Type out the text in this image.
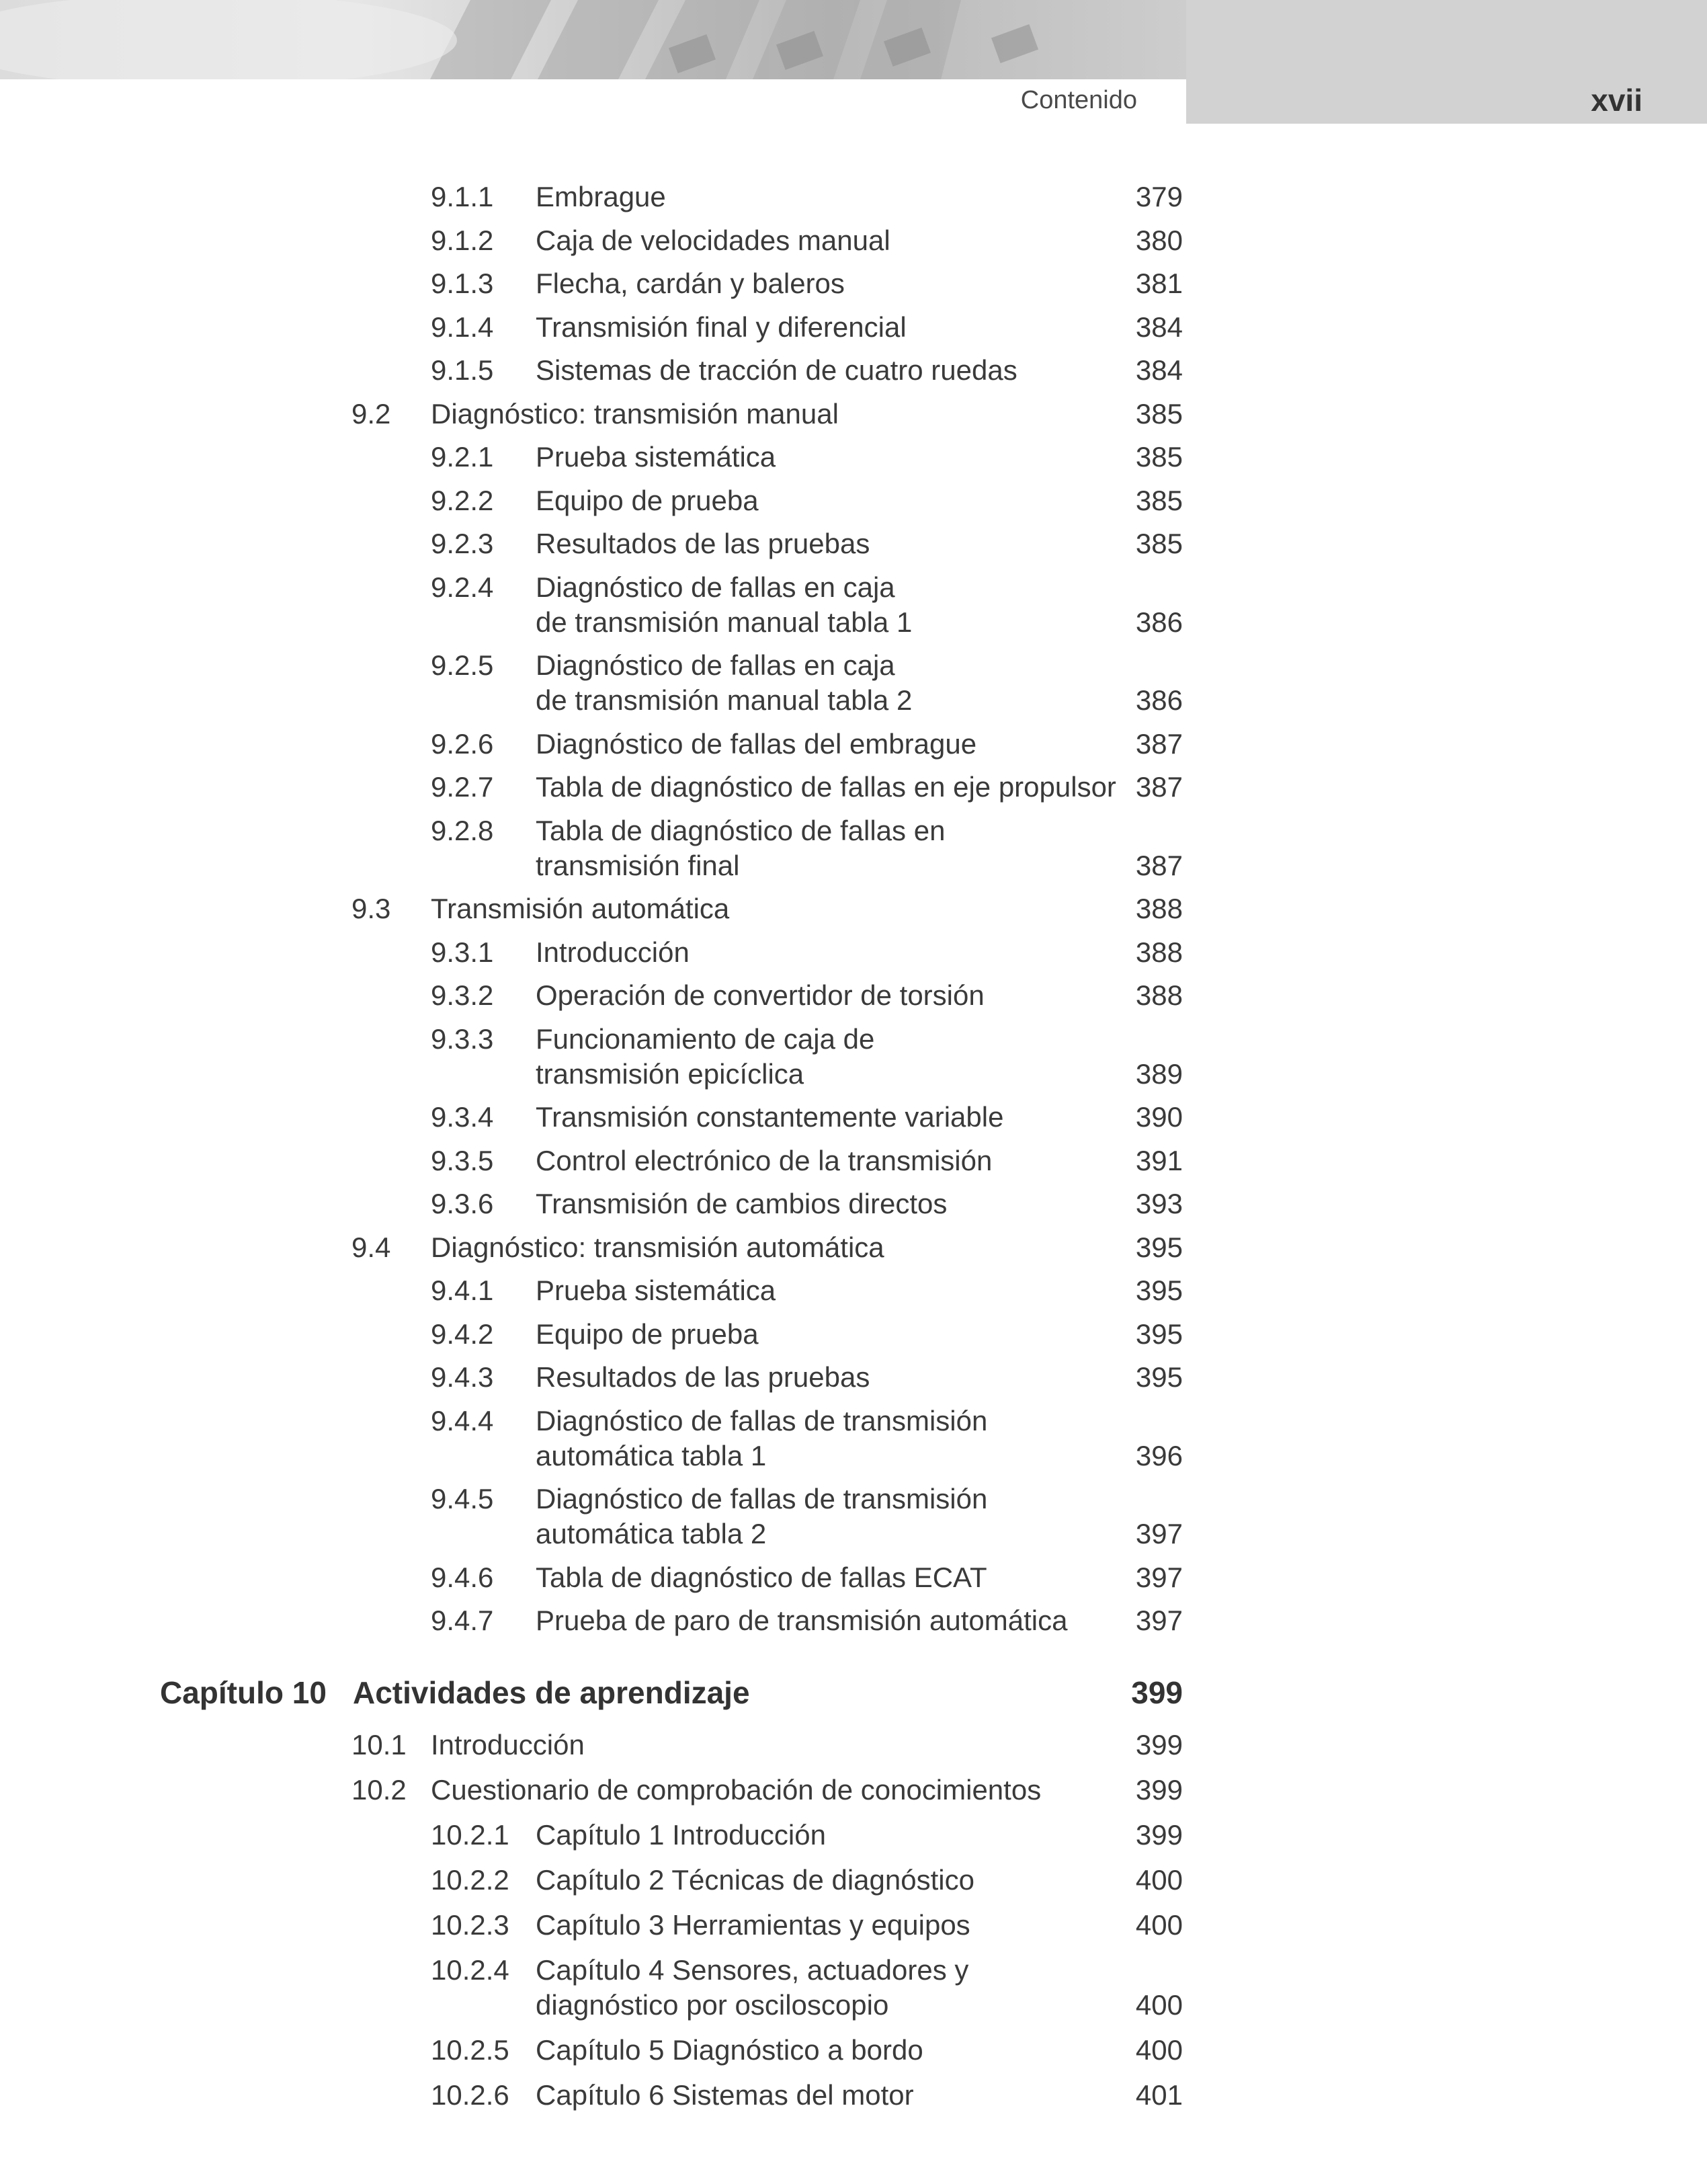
Contenido	xvii
9.1.1 Embrague	379
9.1.2 Caja de velocidades manual	380
9.1.3 Flecha, cardán y baleros	381
9.1.4 Transmisión final y diferencial	384
9.1.5 Sistemas de tracción de cuatro ruedas	384
9.2 Diagnóstico: transmisión manual	385
9.2.1 Prueba sistemática	385
9.2.2 Equipo de prueba	385
9.2.3 Resultados de las pruebas	385
9.2.4 Diagnóstico de fallas en caja
de transmisión manual tabla 1	386
9.2.5 Diagnóstico de fallas en caja
de transmisión manual tabla 2	386
9.2.6 Diagnóstico de fallas del embrague	387
9.2.7 Tabla de diagnóstico de fallas en eje propulsor 387
9.2.8 Tabla de diagnóstico de fallas en
transmisión final	387
9.3 Transmisión automática	388
9.3.1 Introducción	388
9.3.2 Operación de convertidor de torsión	388
9.3.3 Funcionamiento de caja de
transmisión epicíclica	389
9.3.4 Transmisión constantemente variable	390
9.3.5 Control electrónico de la transmisión	391
9.3.6 Transmisión de cambios directos	393
9.4 Diagnóstico: transmisión automática	395
9.4.1 Prueba sistemática	395
9.4.2 Equipo de prueba	395
9.4.3 Resultados de las pruebas	395
9.4.4 Diagnóstico de fallas de transmisión
automática tabla 1	396
9.4.5 Diagnóstico de fallas de transmisión
automática tabla 2	397
9.4.6 Tabla de diagnóstico de fallas ECAT	397
9.4.7 Prueba de paro de transmisión automática	397
Capítulo 10 Actividades de aprendizaje	399
10.1 Introducción	399
10.2 Cuestionario de comprobación de conocimientos	399
10.2.1 Capítulo 1 Introducción	399
10.2.2 Capítulo 2 Técnicas de diagnóstico	400
10.2.3 Capítulo 3 Herramientas y equipos	400
10.2.4 Capítulo 4 Sensores, actuadores y
diagnóstico por osciloscopio	400
10.2.5 Capítulo 5 Diagnóstico a bordo	400
10.2.6 Capítulo 6 Sistemas del motor	401
